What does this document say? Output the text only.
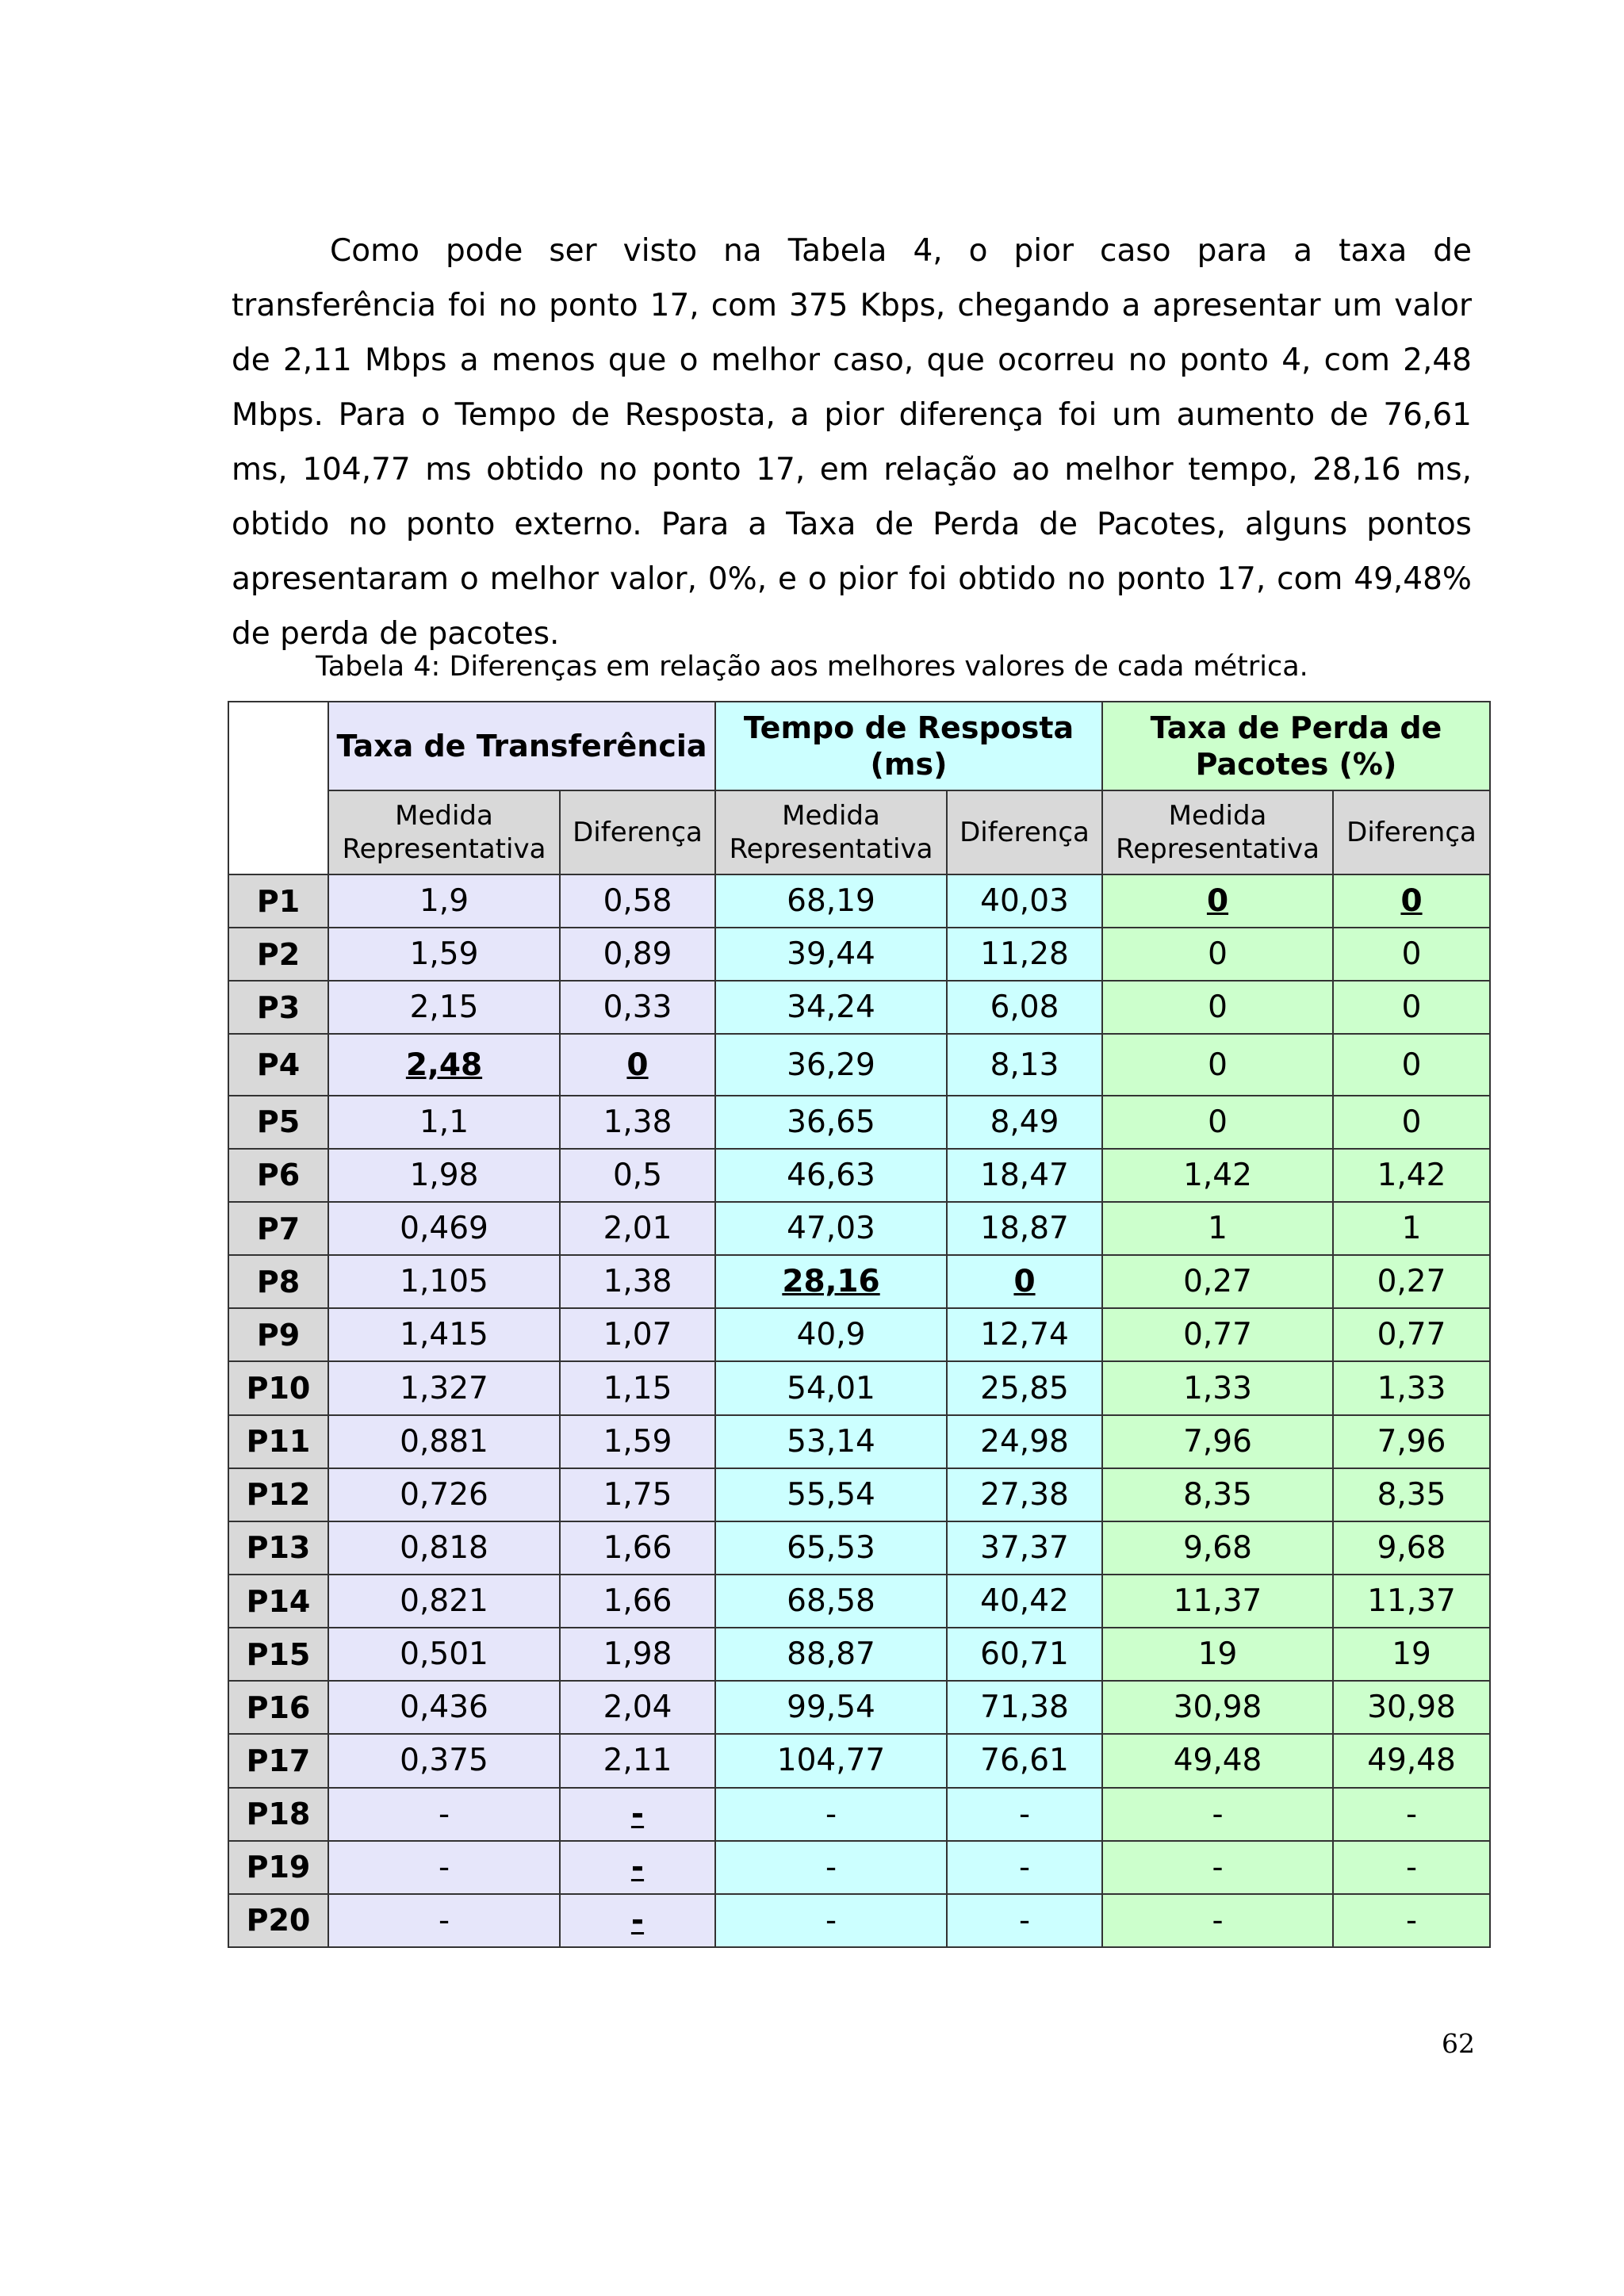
Como pode ser visto na Tabela 4, o pior caso para a taxa de transferência foi no ponto 17, com 375 Kbps, chegando a apresentar um valor de 2,11 Mbps a menos que o melhor caso, que ocorreu no ponto 4, com 2,48 Mbps. Para o Tempo de Resposta, a pior diferença foi um aumento de 76,61 ms, 104,77 ms obtido no ponto 17, em relação ao melhor tempo, 28,16 ms, obtido no ponto externo. Para a Taxa de Perda de Pacotes, alguns pontos apresentaram o melhor valor, 0%, e o pior foi obtido no ponto 17, com 49,48% de perda de pacotes.

Tabela 4: Diferenças em relação aos melhores valores de cada métrica.
	Taxa de Transferência		Tempo de Resposta (ms)		Taxa de Perda de Pacotes (%)	
	Medida Representativa	Diferença	Medida Representativa	Diferença	Medida Representativa	Diferença
P1	1,9	0,58	68,19	40,03	0	0
P2	1,59	0,89	39,44	11,28	0	0
P3	2,15	0,33	34,24	6,08	0	0
P4	2,48	0	36,29	8,13	0	0
P5	1,1	1,38	36,65	8,49	0	0
P6	1,98	0,5	46,63	18,47	1,42	1,42
P7	0,469	2,01	47,03	18,87	1	1
P8	1,105	1,38	28,16	0	0,27	0,27
P9	1,415	1,07	40,9	12,74	0,77	0,77
P10	1,327	1,15	54,01	25,85	1,33	1,33
P11	0,881	1,59	53,14	24,98	7,96	7,96
P12	0,726	1,75	55,54	27,38	8,35	8,35
P13	0,818	1,66	65,53	37,37	9,68	9,68
P14	0,821	1,66	68,58	40,42	11,37	11,37
P15	0,501	1,98	88,87	60,71	19	19
P16	0,436	2,04	99,54	71,38	30,98	30,98
P17	0,375	2,11	104,77	76,61	49,48	49,48
P18	-	-	-	-	-	-
P19	-	-	-	-	-	-
P20	-	-	-	-	-	-
62
